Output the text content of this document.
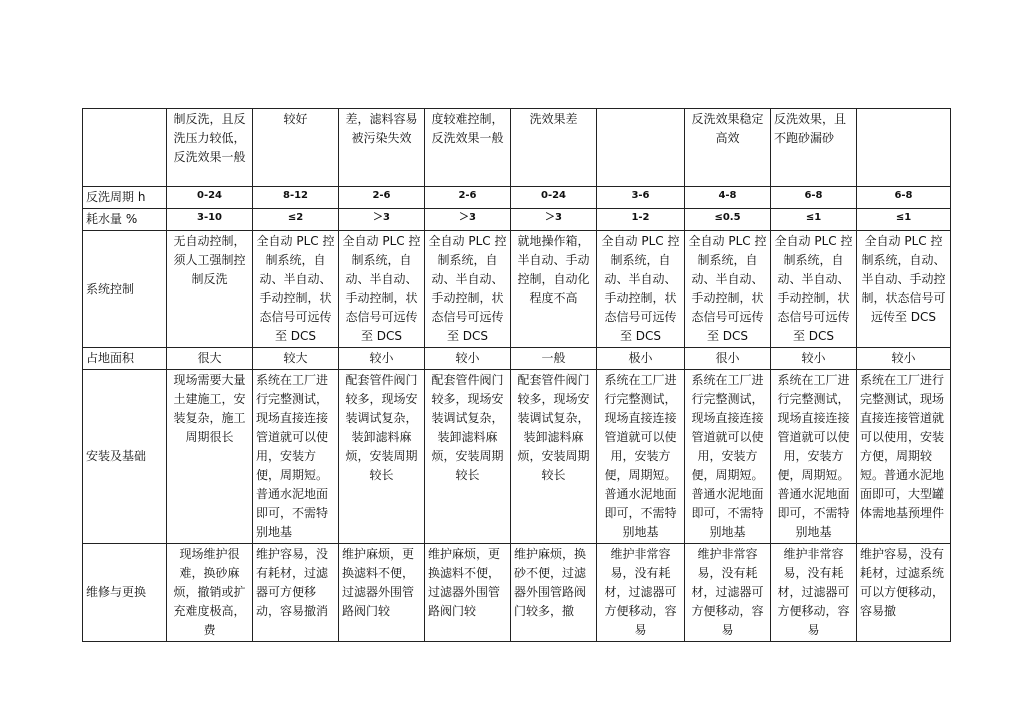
	制反洗，且反洗压力较低，反洗效果一般	较好	差，滤料容易被污染失效	度较难控制，反洗效果一般	洗效果差		反洗效果稳定高效	反洗效果，且不跑砂漏砂	
反洗周期 h	0-24	8-12	2-6	2-6	0-24	3-6	4-8	6-8	6-8
耗水量 %	3-10	≤2	＞3	＞3	＞3	1-2	≤0.5	≤1	≤1
系统控制	无自动控制，须人工强制控制反洗	全自动 PLC 控制系统，自动、半自动、手动控制，状态信号可远传至 DCS	全自动 PLC 控制系统，自动、半自动、手动控制，状态信号可远传至 DCS	全自动 PLC 控制系统，自动、半自动、手动控制，状态信号可远传至 DCS	就地操作箱，半自动、手动控制，自动化程度不高	全自动 PLC 控制系统，自动、半自动、手动控制，状态信号可远传至 DCS	全自动 PLC 控制系统，自动、半自动、手动控制，状态信号可远传至 DCS	全自动 PLC 控制系统，自动、半自动、手动控制，状态信号可远传至 DCS	全自动 PLC 控制系统，自动、半自动、手动控制，状态信号可远传至 DCS
占地面积	很大	较大	较小	较小	一般	极小	很小	较小	较小
安装及基础	现场需要大量土建施工，安装复杂，施工周期很长	系统在工厂进行完整测试，现场直接连接管道就可以使用，安装方便，周期短。普通水泥地面即可，不需特别地基	配套管件阀门较多，现场安装调试复杂，装卸滤料麻烦，安装周期较长	配套管件阀门较多，现场安装调试复杂，装卸滤料麻烦，安装周期较长	配套管件阀门较多，现场安装调试复杂，装卸滤料麻烦，安装周期较长	系统在工厂进行完整测试，现场直接连接管道就可以使用，安装方便，周期短。普通水泥地面即可，不需特别地基	系统在工厂进行完整测试，现场直接连接管道就可以使用，安装方便，周期短。普通水泥地面即可，不需特别地基	系统在工厂进行完整测试，现场直接连接管道就可以使用，安装方便，周期短。普通水泥地面即可，不需特别地基	系统在工厂进行完整测试，现场直接连接管道就可以使用，安装方便，周期较短。普通水泥地面即可，大型罐体需地基预埋件
维修与更换	现场维护很难，换砂麻烦，撤销或扩充难度极高，费	维护容易，没有耗材，过滤器可方便移动，容易撤消	维护麻烦，更换滤料不便，过滤器外围管路阀门较	维护麻烦，更换滤料不便，过滤器外围管路阀门较	维护麻烦，换砂不便，过滤器外围管路阀门较多，撤	维护非常容易，没有耗材，过滤器可方便移动，容易	维护非常容易，没有耗材，过滤器可方便移动，容易	维护非常容易，没有耗材，过滤器可方便移动，容易	维护容易，没有耗材，过滤系统可以方便移动，容易撤
